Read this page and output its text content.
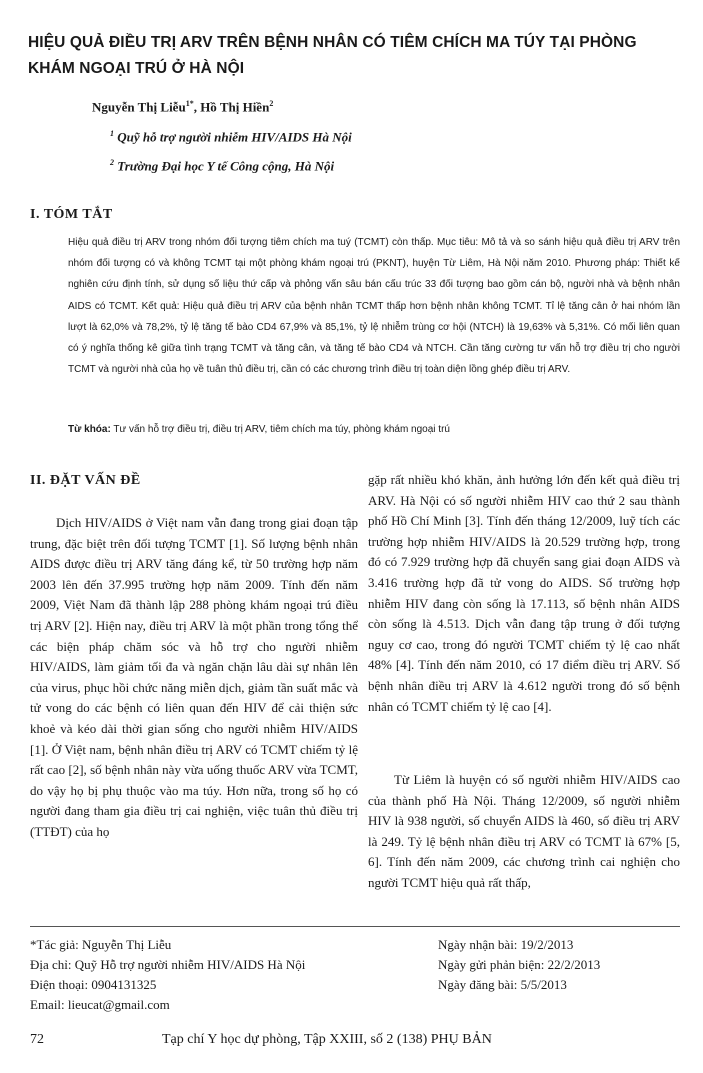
HIỆU QUẢ ĐIỀU TRỊ ARV TRÊN BỆNH NHÂN CÓ TIÊM CHÍCH MA TÚY TẠI PHÒNG KHÁM NGOẠI TRÚ Ở HÀ NỘI
Nguyễn Thị Liễu$^{1*}$, Hồ Thị Hiền$^2$
$^1$ Quỹ hỗ trợ người nhiễm HIV/AIDS Hà Nội
$^2$ Trường Đại học Y tế Công cộng, Hà Nội
I. TÓM TẮT

Hiệu quả điều trị ARV trong nhóm đối tượng tiêm chích ma tuý (TCMT) còn thấp. Mục tiêu: Mô tả và so sánh hiệu quả điều trị ARV trên nhóm đối tượng có và không TCMT tại một phòng khám ngoại trú (PKNT), huyện Từ Liêm, Hà Nội năm 2010. Phương pháp: Thiết kế nghiên cứu định tính, sử dụng số liệu thứ cấp và phỏng vấn sâu bán cấu trúc 33 đối tượng bao gồm cán bộ, người nhà và bệnh nhân AIDS có TCMT. Kết quả: Hiệu quả điều trị ARV của bệnh nhân TCMT thấp hơn bệnh nhân không TCMT. Tỉ lệ tăng cân ở hai nhóm lần lượt là 62,0% và 78,2%, tỷ lệ tăng tế bào CD4 67,9% và 85,1%, tỷ lệ nhiễm trùng cơ hội (NTCH) là 19,63% và 5,31%. Có mối liên quan có ý nghĩa thống kê giữa tình trạng TCMT và tăng cân, và tăng tế bào CD4 và NTCH. Cần tăng cường tư vấn hỗ trợ điều trị cho người TCMT và người nhà của họ về tuân thủ điều trị, cần có các chương trình điều trị toàn diện lồng ghép điều trị ARV.

Từ khóa: Tư vấn hỗ trợ điều trị, điều trị ARV, tiêm chích ma túy, phòng khám ngoại trú

II. ĐẶT VẤN ĐỀ

Dịch HIV/AIDS ở Việt nam vẫn đang trong giai đoạn tập trung, đặc biệt trên đối tượng TCMT [1]. Số lượng bệnh nhân AIDS được điều trị ARV tăng đáng kể, từ 50 trường hợp năm 2003 lên đến 37.995 trường hợp năm 2009. Tính đến năm 2009, Việt Nam đã thành lập 288 phòng khám ngoại trú điều trị ARV [2]. Hiện nay, điều trị ARV là một phần trong tổng thể các biện pháp chăm sóc và hỗ trợ cho người nhiễm HIV/AIDS, làm giảm tối đa và ngăn chặn lâu dài sự nhân lên của virus, phục hồi chức năng miễn dịch, giảm tần suất mắc và tử vong do các bệnh có liên quan đến HIV để cải thiện sức khoẻ và kéo dài thời gian sống cho người nhiễm HIV/AIDS [1]. Ở Việt nam, bệnh nhân điều trị ARV có TCMT chiếm tỷ lệ rất cao [2], số bệnh nhân này vừa uống thuốc ARV vừa TCMT, do vậy họ bị phụ thuộc vào ma túy. Hơn nữa, trong số họ có người đang tham gia điều trị cai nghiện, việc tuân thủ điều trị (TTĐT) của họ

gặp rất nhiều khó khăn, ảnh hưởng lớn đến kết quả điều trị ARV. Hà Nội có số người nhiễm HIV cao thứ 2 sau thành phố Hồ Chí Minh [3]. Tính đến tháng 12/2009, luỹ tích các trường hợp nhiễm HIV/AIDS là 20.529 trường hợp, trong đó có 7.929 trường hợp đã chuyển sang giai đoạn AIDS và 3.416 trường hợp đã tử vong do AIDS. Số trường hợp nhiễm HIV đang còn sống là 17.113, số bệnh nhân AIDS còn sống là 4.513. Dịch vẫn đang tập trung ở đối tượng nguy cơ cao, trong đó người TCMT chiếm tỷ lệ cao nhất 48% [4]. Tính đến năm 2010, có 17 điểm điều trị ARV. Số bệnh nhân điều trị ARV là 4.612 người trong đó số bệnh nhân có TCMT chiếm tỷ lệ cao [4].

Từ Liêm là huyện có số người nhiễm HIV/AIDS cao của thành phố Hà Nội. Tháng 12/2009, số người nhiễm HIV là 938 người, số chuyển AIDS là 460, số điều trị ARV là 249. Tỷ lệ bệnh nhân điều trị ARV có TCMT là 67% [5, 6]. Tính đến năm 2009, các chương trình cai nghiện cho người TCMT hiệu quả rất thấp,

*Tác giả: Nguyễn Thị Liễu
Địa chỉ: Quỹ Hỗ trợ người nhiễm HIV/AIDS Hà Nội
Điện thoại: 0904131325
Email: lieucat@gmail.com
Ngày nhận bài: 19/2/2013
Ngày gửi phản biện: 22/2/2013
Ngày đăng bài: 5/5/2013
72	Tạp chí Y học dự phòng, Tập XXIII, số 2 (138) PHỤ BẢN
